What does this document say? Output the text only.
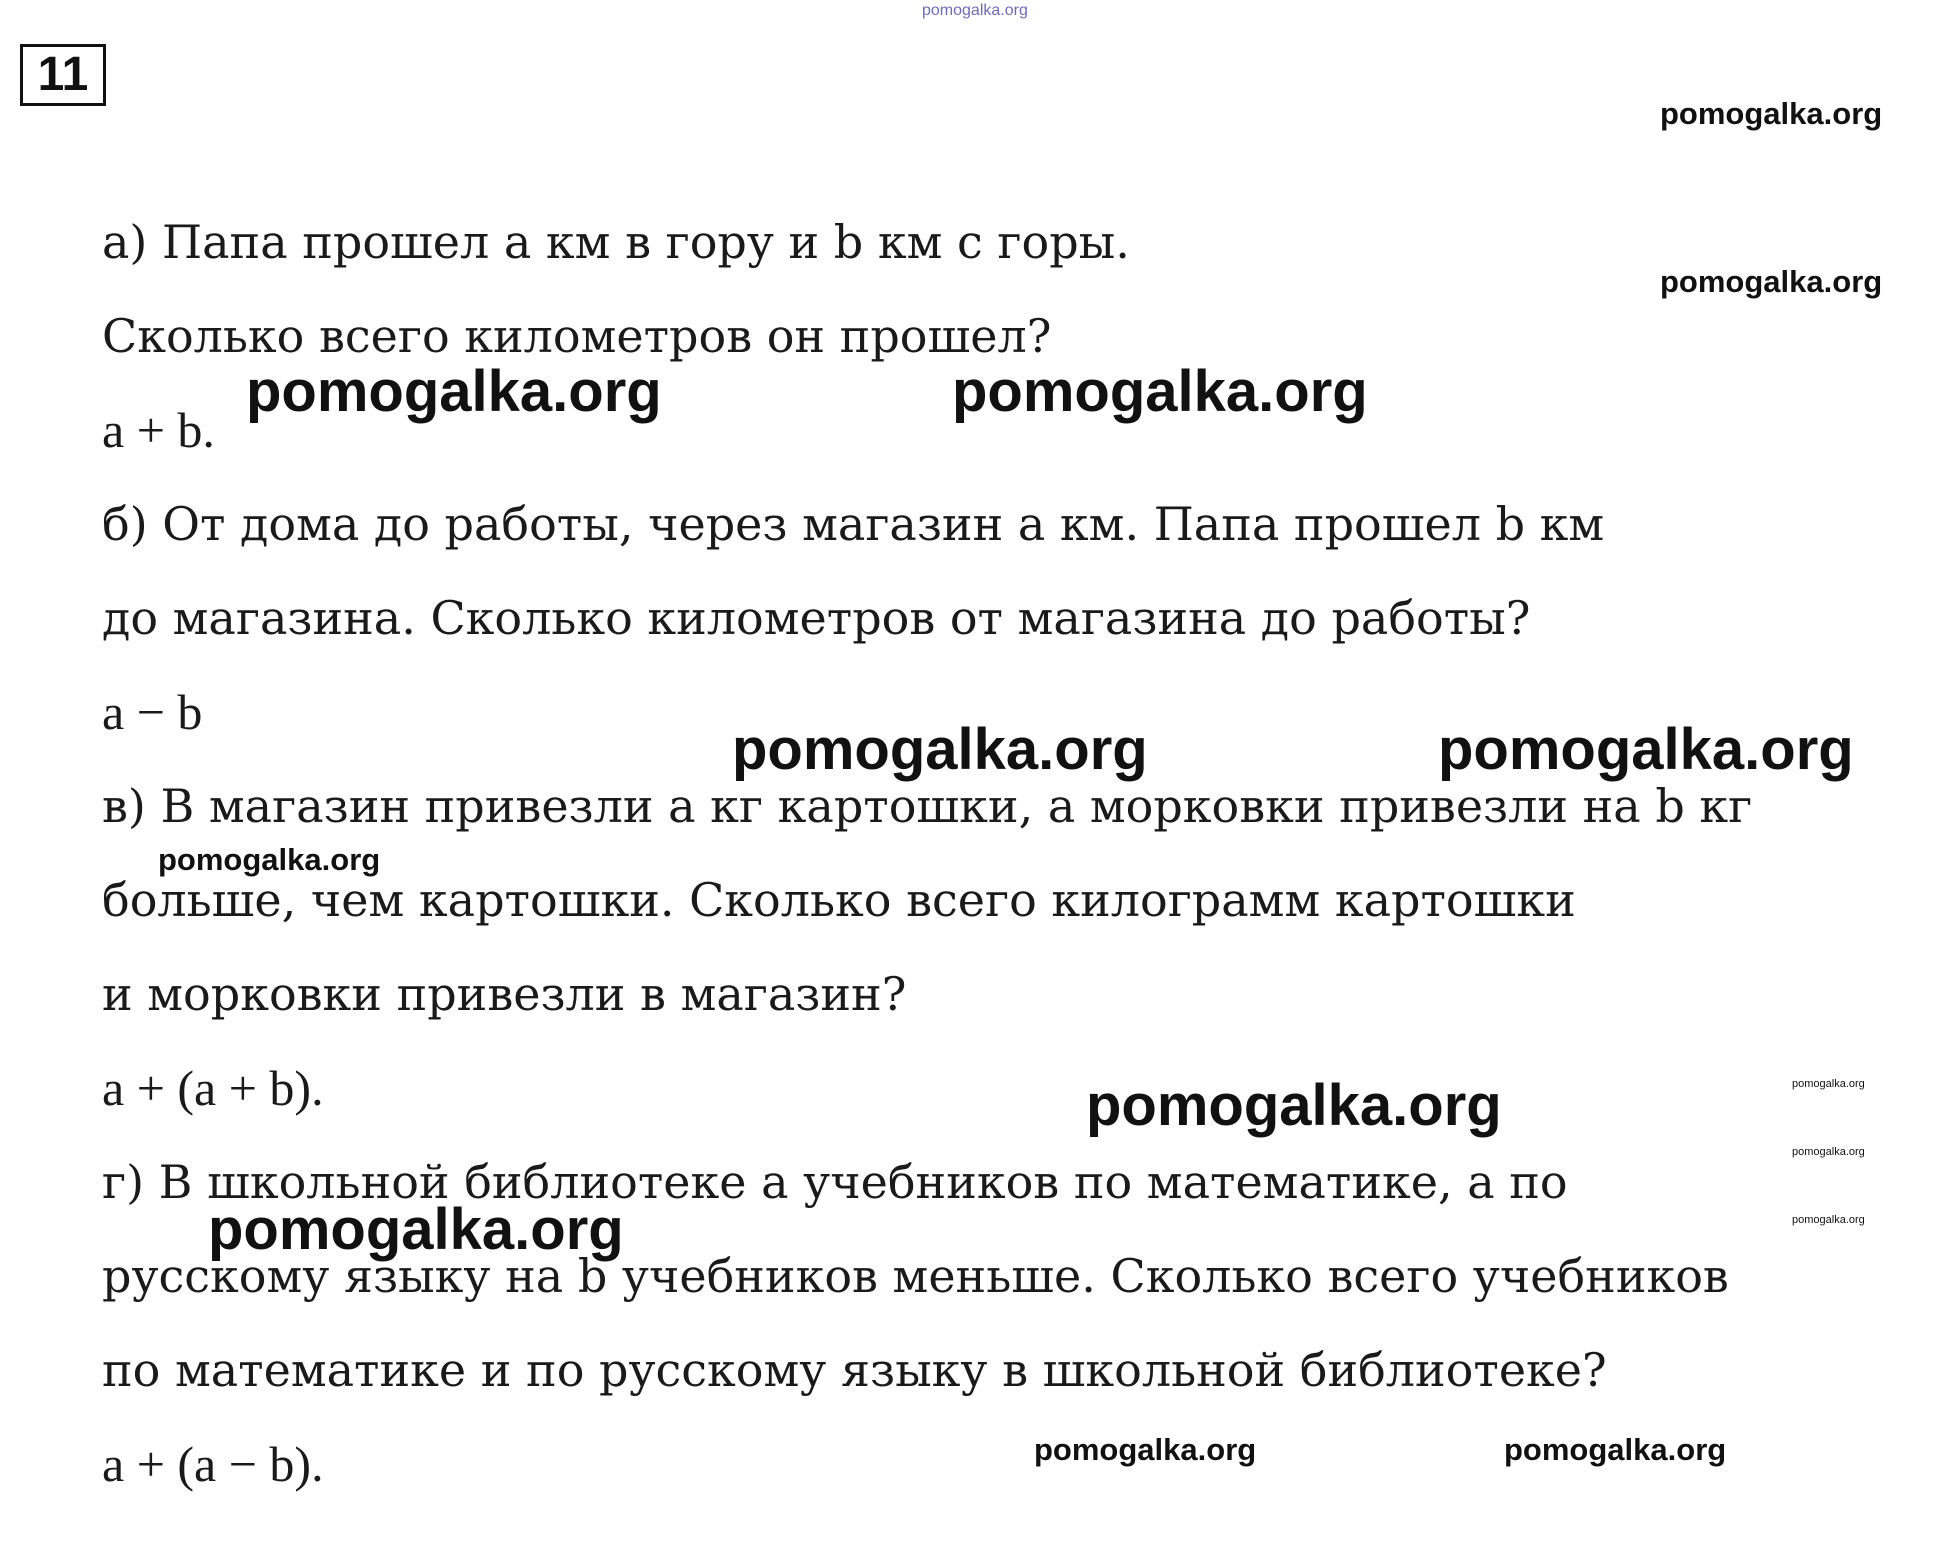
11
pomogalka.org
pomogalka.org
pomogalka.org
pomogalka.org	pomogalka.org
pomogalka.org	pomogalka.org
pomogalka.org
pomogalka.org
pomogalka.org
pomogalka.org
pomogalka.org
pomogalka.org
pomogalka.org	pomogalka.org
а) Папа прошел a км в гору и b км с горы.
Сколько всего километров он прошел?
a + b.
б) От дома до работы, через магазин a км. Папа прошел b км
до магазина. Сколько километров от магазина до работы?
a − b
в) В магазин привезли a кг картошки, а морковки привезли на b кг
больше, чем картошки. Сколько всего килограмм картошки
и морковки привезли в магазин?
a + (a + b).
г) В школьной библиотеке a учебников по математике, а по
русскому языку на b учебников меньше. Сколько всего учебников
по математике и по русскому языку в школьной библиотеке?
a + (a − b).
